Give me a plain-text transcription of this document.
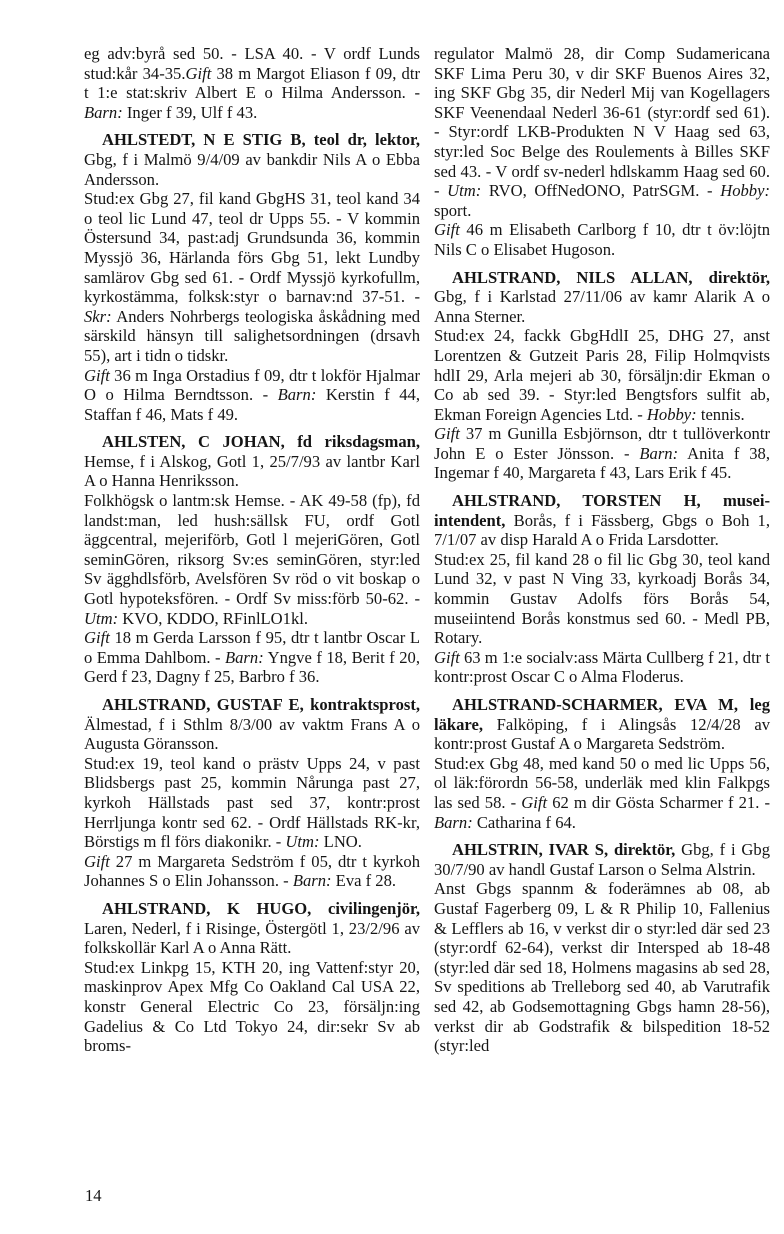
eg adv:byrå sed 50. - LSA 40. - V ordf Lunds stud:kår 34-35.Gift 38 m Margot Eliason f 09, dtr t 1:e stat:skriv Albert E o Hilma Andersson. - Barn: Inger f 39, Ulf f 43.

AHLSTEDT, N E STIG B, teol dr, lektor, Gbg, f i Malmö 9/4/09 av bankdir Nils A o Ebba Andersson.

Stud:ex Gbg 27, fil kand GbgHS 31, teol kand 34 o teol lic Lund 47, teol dr Upps 55. - V kommin Östersund 34, past:adj Grundsunda 36, kommin Myssjö 36, Härlanda förs Gbg 51, lekt Lundby samlärov Gbg sed 61. - Ordf Myssjö kyrkofullm, kyrkostämma, folksk:styr o barnav:nd 37-51. - Skr: Anders Nohrbergs teologiska åskådning med särskild hänsyn till salighetsordningen (drsavh 55), art i tidn o tidskr.

Gift 36 m Inga Orstadius f 09, dtr t lokför Hjalmar O o Hilma Berndtsson. - Barn: Kerstin f 44, Staffan f 46, Mats f 49.

AHLSTEN, C JOHAN, fd riksdagsman, Hemse, f i Alskog, Gotl 1, 25/7/93 av lantbr Karl A o Hanna Henriksson.

Folkhögsk o lantm:sk Hemse. - AK 49-58 (fp), fd landst:man, led hush:sällsk FU, ordf Gotl äggcentral, mejeriförb, Gotl l mejeriGören, Gotl seminGören, riksorg Sv:es seminGören, styr:led Sv ägghdlsförb, Avelsfören Sv röd o vit boskap o Gotl hypoteksfören. - Ordf Sv miss:förb 50-62. - Utm: KVO, KDDO, RFinlLO1kl.

Gift 18 m Gerda Larsson f 95, dtr t lantbr Oscar L o Emma Dahlbom. - Barn: Yngve f 18, Berit f 20, Gerd f 23, Dagny f 25, Barbro f 36.

AHLSTRAND, GUSTAF E, kontraktsprost, Älmestad, f i Sthlm 8/3/00 av vaktm Frans A o Augusta Göransson.

Stud:ex 19, teol kand o prästv Upps 24, v past Blidsbergs past 25, kommin Nårunga past 27, kyrkoh Hällstads past sed 37, kontr:prost Herrljunga kontr sed 62. - Ordf Hällstads RK-kr, Börstigs m fl förs diakonikr. - Utm: LNO.

Gift 27 m Margareta Sedström f 05, dtr t kyrkoh Johannes S o Elin Johansson. - Barn: Eva f 28.

AHLSTRAND, K HUGO, civilingenjör, Laren, Nederl, f i Risinge, Östergötl 1, 23/2/96 av folkskollär Karl A o Anna Rätt.

Stud:ex Linkpg 15, KTH 20, ing Vattenf:styr 20, maskinprov Apex Mfg Co Oakland Cal USA 22, konstr General Electric Co 23, försäljn:ing Gadelius & Co Ltd Tokyo 24, dir:sekr Sv ab broms-

regulator Malmö 28, dir Comp Sudamericana SKF Lima Peru 30, v dir SKF Buenos Aires 32, ing SKF Gbg 35, dir Nederl Mij van Kogellagers SKF Veenendaal Nederl 36-61 (styr:ordf sed 61). - Styr:ordf LKB-Produkten N V Haag sed 63, styr:led Soc Belge des Roulements à Billes SKF sed 43. - V ordf sv-nederl hdlskamm Haag sed 60. - Utm: RVO, OffNedONO, PatrSGM. - Hobby: sport.

Gift 46 m Elisabeth Carlborg f 10, dtr t öv:löjtn Nils C o Elisabet Hugoson.

AHLSTRAND, NILS ALLAN, direktör, Gbg, f i Karlstad 27/11/06 av kamr Alarik A o Anna Sterner.

Stud:ex 24, fackk GbgHdlI 25, DHG 27, anst Lorentzen & Gutzeit Paris 28, Filip Holmqvists hdlI 29, Arla mejeri ab 30, försäljn:dir Ekman o Co ab sed 39. - Styr:led Bengtsfors sulfit ab, Ekman Foreign Agencies Ltd. - Hobby: tennis.

Gift 37 m Gunilla Esbjörnson, dtr t tullöverkontr John E o Ester Jönsson. - Barn: Anita f 38, Ingemar f 40, Margareta f 43, Lars Erik f 45.

AHLSTRAND, TORSTEN H, museiintendent, Borås, f i Fässberg, Gbgs o Boh 1, 7/1/07 av disp Harald A o Frida Larsdotter.

Stud:ex 25, fil kand 28 o fil lic Gbg 30, teol kand Lund 32, v past N Ving 33, kyrkoadj Borås 34, kommin Gustav Adolfs förs Borås 54, museiintend Borås konstmus sed 60. - Medl PB, Rotary.

Gift 63 m 1:e socialv:ass Märta Cullberg f 21, dtr t kontr:prost Oscar C o Alma Floderus.

AHLSTRAND-SCHARMER, EVA M, leg läkare, Falköping, f i Alingsås 12/4/28 av kontr:prost Gustaf A o Margareta Sedström.

Stud:ex Gbg 48, med kand 50 o med lic Upps 56, ol läk:förordn 56-58, underläk med klin Falkpgs las sed 58. - Gift 62 m dir Gösta Scharmer f 21. - Barn: Catharina f 64.

AHLSTRIN, IVAR S, direktör, Gbg, f i Gbg 30/7/90 av handl Gustaf Larson o Selma Alstrin.

Anst Gbgs spannm & foderämnes ab 08, ab Gustaf Fagerberg 09, L & R Philip 10, Fallenius & Lefflers ab 16, v verkst dir o styr:led där sed 23 (styr:ordf 62-64), verkst dir Intersped ab 18-48 (styr:led där sed 18, Holmens magasins ab sed 28, Sv speditions ab Trelleborg sed 40, ab Varutrafik sed 42, ab Godsemottagning Gbgs hamn 28-56), verkst dir ab Godstrafik & bilspedition 18-52 (styr:led

14
